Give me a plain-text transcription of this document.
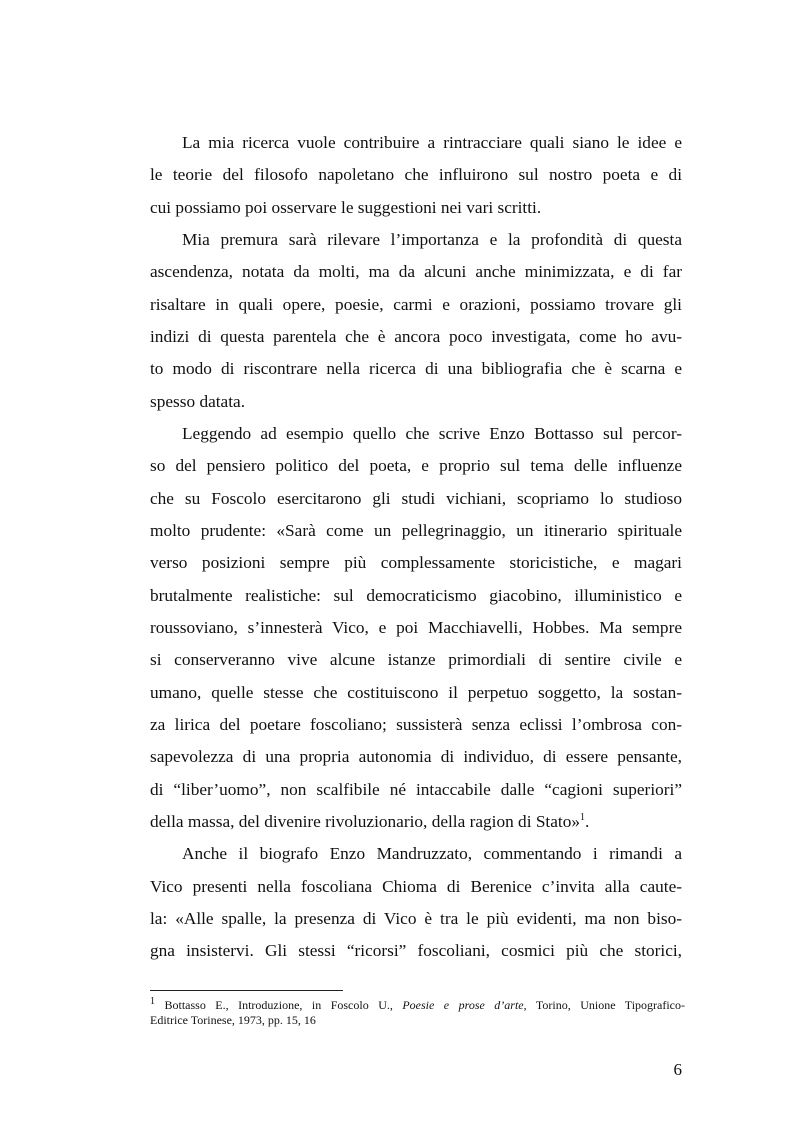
La mia ricerca vuole contribuire a rintracciare quali siano le idee e
le teorie del filosofo napoletano che influirono sul nostro poeta e di
cui possiamo poi osservare le suggestioni nei vari scritti.
Mia premura sarà rilevare l’importanza e la profondità di questa
ascendenza, notata da molti, ma da alcuni anche minimizzata, e di far
risaltare in quali opere, poesie, carmi e orazioni, possiamo trovare gli
indizi di questa parentela che è ancora poco investigata, come ho avu-
to modo di riscontrare nella ricerca di una bibliografia che è scarna e
spesso datata.
Leggendo ad esempio quello che scrive Enzo Bottasso sul percor-
so del pensiero politico del poeta, e proprio sul tema delle influenze
che su Foscolo esercitarono gli studi vichiani, scopriamo lo studioso
molto prudente: «Sarà come un pellegrinaggio, un itinerario spirituale
verso posizioni sempre più complessamente storicistiche, e magari
brutalmente realistiche: sul democraticismo giacobino, illuministico e
roussoviano, s’innesterà Vico, e poi Macchiavelli, Hobbes. Ma sempre
si conserveranno vive alcune istanze primordiali di sentire civile e
umano, quelle stesse che costituiscono il perpetuo soggetto, la sostan-
za lirica del poetare foscoliano; sussisterà senza eclissi l’ombrosa con-
sapevolezza di una propria autonomia di individuo, di essere pensante,
di “liber’uomo”, non scalfibile né intaccabile dalle “cagioni superiori”
della massa, del divenire rivoluzionario, della ragion di Stato»$^1$.
Anche il biografo Enzo Mandruzzato, commentando i rimandi a
Vico presenti nella foscoliana Chioma di Berenice c’invita alla caute-
la: «Alle spalle, la presenza di Vico è tra le più evidenti, ma non biso-
gna insistervi. Gli stessi “ricorsi” foscoliani, cosmici più che storici,
$^1$ Bottasso E., Introduzione, in Foscolo U., Poesie e prose d’arte, Torino, Unione Tipografico-
Editrice Torinese, 1973, pp. 15, 16
6
